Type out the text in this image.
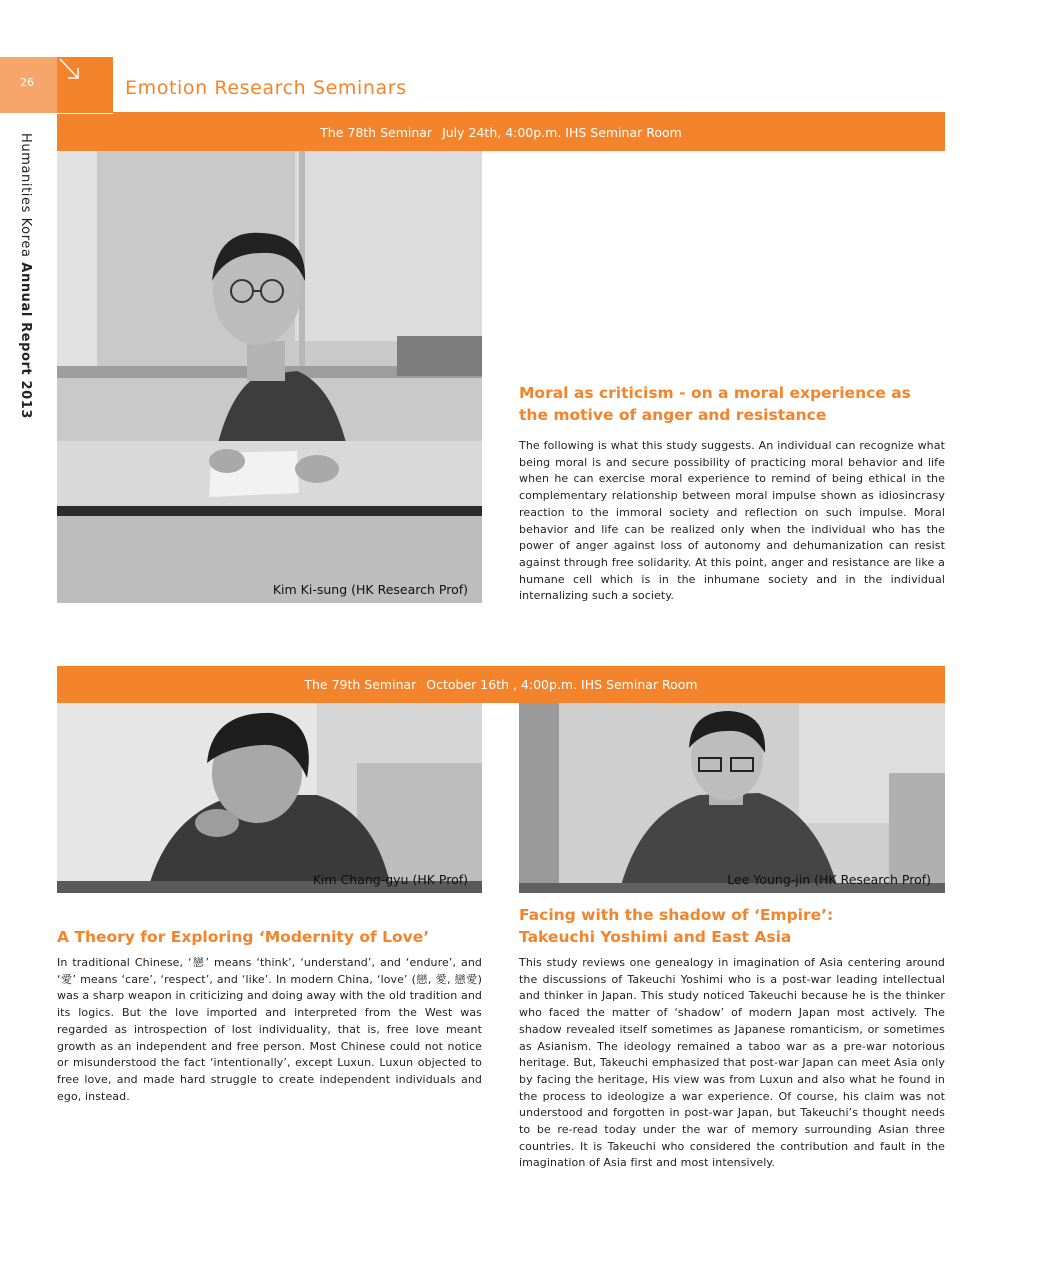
26	Emotion Research Seminars
Humanities Korea Annual Report 2013
The 78th Seminar July 24th, 4:00p.m. IHS Seminar Room
Kim Ki-sung (HK Research Prof)
Moral as criticism - on a moral experience as
the motive of anger and resistance
The following is what this study suggests. An individual can recognize what being moral is and secure possibility of practicing moral behavior and life when he can exercise moral experience to remind of being ethical in the complementary relationship between moral impulse shown as idiosincrasy reaction to the immoral society and reflection on such impulse. Moral behavior and life can be realized only when the individual who has the power of anger against loss of autonomy and dehumanization can resist against through free solidarity. At this point, anger and resistance are like a humane cell which is in the inhumane society and in the individual internalizing such a society.
The 79th Seminar October 16th , 4:00p.m. IHS Seminar Room
Kim Chang-gyu (HK Prof)	Lee Young-jin (HK Research Prof)
A Theory for Exploring ‘Modernity of Love’
In traditional Chinese, ‘戀’ means ‘think’, ‘understand’, and ‘endure’, and ‘愛’ means ‘care’, ‘respect’, and ‘like’. In modern China, ‘love’ (戀, 愛, 戀愛) was a sharp weapon in criticizing and doing away with the old tradition and its logics. But the love imported and interpreted from the West was regarded as introspection of lost individuality, that is, free love meant growth as an independent and free person. Most Chinese could not notice or misunderstood the fact ‘intentionally’, except Luxun. Luxun objected to free love, and made hard struggle to create independent individuals and ego, instead.
Facing with the shadow of ‘Empire’:
Takeuchi Yoshimi and East Asia
This study reviews one genealogy in imagination of Asia centering around the discussions of Takeuchi Yoshimi who is a post-war leading intellectual and thinker in Japan. This study noticed Takeuchi because he is the thinker who faced the matter of ‘shadow’ of modern Japan most actively. The shadow revealed itself sometimes as Japanese romanticism, or sometimes as Asianism. The ideology remained a taboo war as a pre-war notorious heritage. But, Takeuchi emphasized that post-war Japan can meet Asia only by facing the heritage, His view was from Luxun and also what he found in the process to ideologize a war experience. Of course, his claim was not understood and forgotten in post-war Japan, but Takeuchi’s thought needs to be re-read today under the war of memory surrounding Asian three countries. It is Takeuchi who considered the contribution and fault in the imagination of Asia first and most intensively.
